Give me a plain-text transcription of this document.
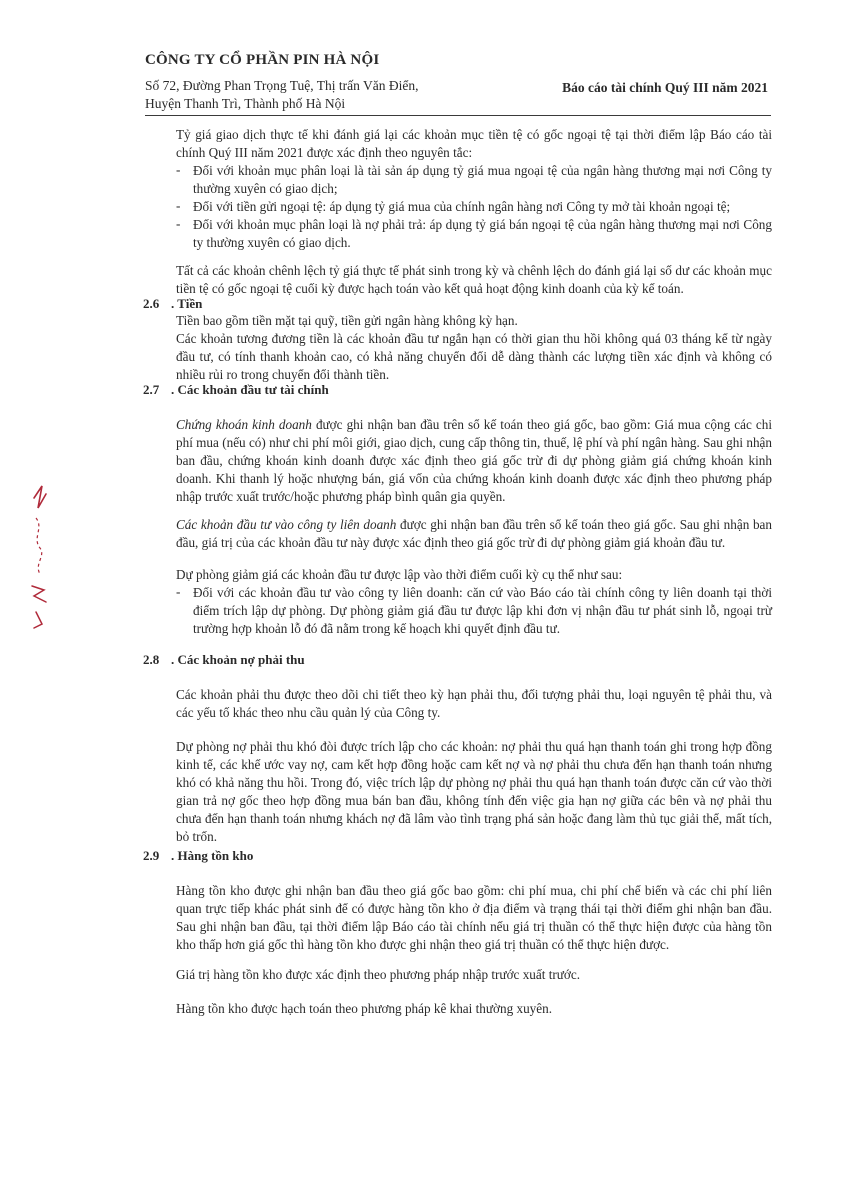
CÔNG TY CỔ PHẦN PIN HÀ NỘI
Số 72, Đường Phan Trọng Tuệ, Thị trấn Văn Điển,
Huyện Thanh Trì, Thành phố Hà Nội
Báo cáo tài chính Quý III năm 2021
Tỷ giá giao dịch thực tế khi đánh giá lại các khoản mục tiền tệ có gốc ngoại tệ tại thời điểm lập Báo cáo tài chính Quý III năm 2021 được xác định theo nguyên tắc:
- Đối với khoản mục phân loại là tài sản áp dụng tỷ giá mua ngoại tệ của ngân hàng thương mại nơi Công ty thường xuyên có giao dịch;
- Đối với tiền gửi ngoại tệ: áp dụng tỷ giá mua của chính ngân hàng nơi Công ty mở tài khoản ngoại tệ;
- Đối với khoản mục phân loại là nợ phải trả: áp dụng tỷ giá bán ngoại tệ của ngân hàng thương mại nơi Công ty thường xuyên có giao dịch.
Tất cả các khoản chênh lệch tỷ giá thực tế phát sinh trong kỳ và chênh lệch do đánh giá lại số dư các khoản mục tiền tệ có gốc ngoại tệ cuối kỳ được hạch toán vào kết quả hoạt động kinh doanh của kỳ kế toán.
2.6 . Tiền
Tiền bao gồm tiền mặt tại quỹ, tiền gửi ngân hàng không kỳ hạn.
Các khoản tương đương tiền là các khoản đầu tư ngắn hạn có thời gian thu hồi không quá 03 tháng kể từ ngày đầu tư, có tính thanh khoản cao, có khả năng chuyển đổi dễ dàng thành các lượng tiền xác định và không có nhiều rủi ro trong chuyển đổi thành tiền.
2.7 . Các khoản đầu tư tài chính
Chứng khoán kinh doanh được ghi nhận ban đầu trên sổ kế toán theo giá gốc, bao gồm: Giá mua cộng các chi phí mua (nếu có) như chi phí môi giới, giao dịch, cung cấp thông tin, thuế, lệ phí và phí ngân hàng. Sau ghi nhận ban đầu, chứng khoán kinh doanh được xác định theo giá gốc trừ đi dự phòng giảm giá chứng khoán kinh doanh. Khi thanh lý hoặc nhượng bán, giá vốn của chứng khoán kinh doanh được xác định theo phương pháp nhập trước xuất trước/hoặc phương pháp bình quân gia quyền.
Các khoản đầu tư vào công ty liên doanh được ghi nhận ban đầu trên sổ kế toán theo giá gốc. Sau ghi nhận ban đầu, giá trị của các khoản đầu tư này được xác định theo giá gốc trừ đi dự phòng giảm giá khoản đầu tư.
Dự phòng giảm giá các khoản đầu tư được lập vào thời điểm cuối kỳ cụ thể như sau:
- Đối với các khoản đầu tư vào công ty liên doanh: căn cứ vào Báo cáo tài chính công ty liên doanh tại thời điểm trích lập dự phòng. Dự phòng giảm giá đầu tư được lập khi đơn vị nhận đầu tư phát sinh lỗ, ngoại trừ trường hợp khoản lỗ đó đã nằm trong kế hoạch khi quyết định đầu tư.
2.8 . Các khoản nợ phải thu
Các khoản phải thu được theo dõi chi tiết theo kỳ hạn phải thu, đối tượng phải thu, loại nguyên tệ phải thu, và các yếu tố khác theo nhu cầu quản lý của Công ty.
Dự phòng nợ phải thu khó đòi được trích lập cho các khoản: nợ phải thu quá hạn thanh toán ghi trong hợp đồng kinh tế, các khế ước vay nợ, cam kết hợp đồng hoặc cam kết nợ và nợ phải thu chưa đến hạn thanh toán nhưng khó có khả năng thu hồi. Trong đó, việc trích lập dự phòng nợ phải thu quá hạn thanh toán được căn cứ vào thời gian trả nợ gốc theo hợp đồng mua bán ban đầu, không tính đến việc gia hạn nợ giữa các bên và nợ phải thu chưa đến hạn thanh toán nhưng khách nợ đã lâm vào tình trạng phá sản hoặc đang làm thủ tục giải thể, mất tích, bỏ trốn.
2.9 . Hàng tồn kho
Hàng tồn kho được ghi nhận ban đầu theo giá gốc bao gồm: chi phí mua, chi phí chế biến và các chi phí liên quan trực tiếp khác phát sinh để có được hàng tồn kho ở địa điểm và trạng thái tại thời điểm ghi nhận ban đầu. Sau ghi nhận ban đầu, tại thời điểm lập Báo cáo tài chính nếu giá trị thuần có thể thực hiện được của hàng tồn kho thấp hơn giá gốc thì hàng tồn kho được ghi nhận theo giá trị thuần có thể thực hiện được.
Giá trị hàng tồn kho được xác định theo phương pháp nhập trước xuất trước.
Hàng tồn kho được hạch toán theo phương pháp kê khai thường xuyên.
